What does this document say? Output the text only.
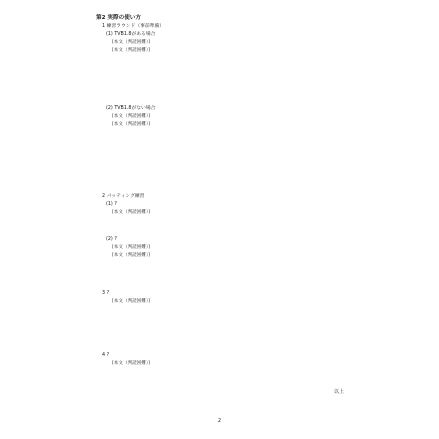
第2 実際の使い方
1 練習ラウンド（事前準備）
(1) TVB1.8がある場合
[本文（判読困難）]
[本文（判読困難）]
(2) TVB1.8がない場合
[本文（判読困難）]
[本文（判読困難）]
2 パッティング練習
(1) ?
[本文（判読困難）]
(2) ?
[本文（判読困難）]
[本文（判読困難）]
3 ?
[本文（判読困難）]
4 ?
[本文（判読困難）]
以上
2
